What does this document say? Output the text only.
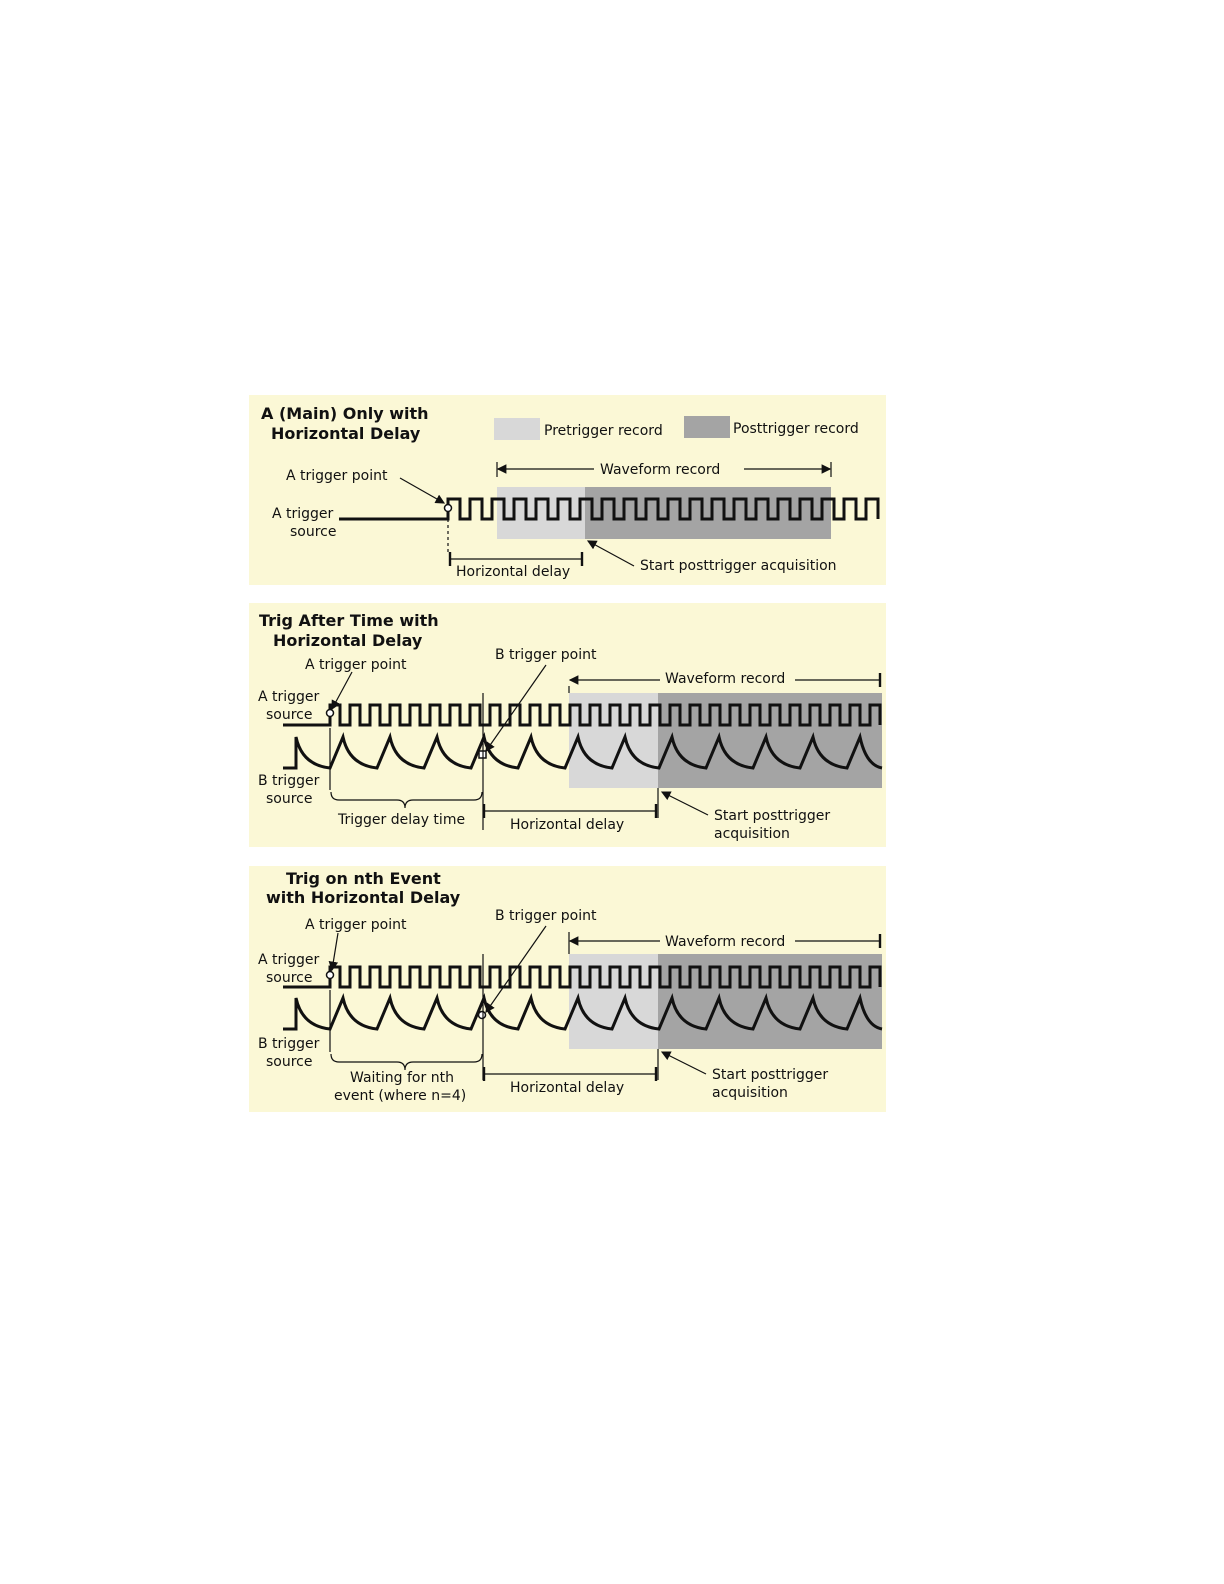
A (Main) Only with
Horizontal Delay	Pretrigger record	Posttrigger record
Waveform record
A trigger point
A trigger
source
Horizontal delay	Start posttrigger acquisition
Trig After Time with
Horizontal Delay
Waveform record
A trigger point
B trigger point
A trigger
source
B trigger
source
Trigger delay time	Horizontal delay
Start posttrigger
acquisition
Trig on nth Event
with Horizontal Delay
Waveform record
A trigger point
B trigger point
A trigger
source
B trigger
source
Waiting for nth
event (where n=4)	Horizontal delay
Start posttrigger
acquisition
